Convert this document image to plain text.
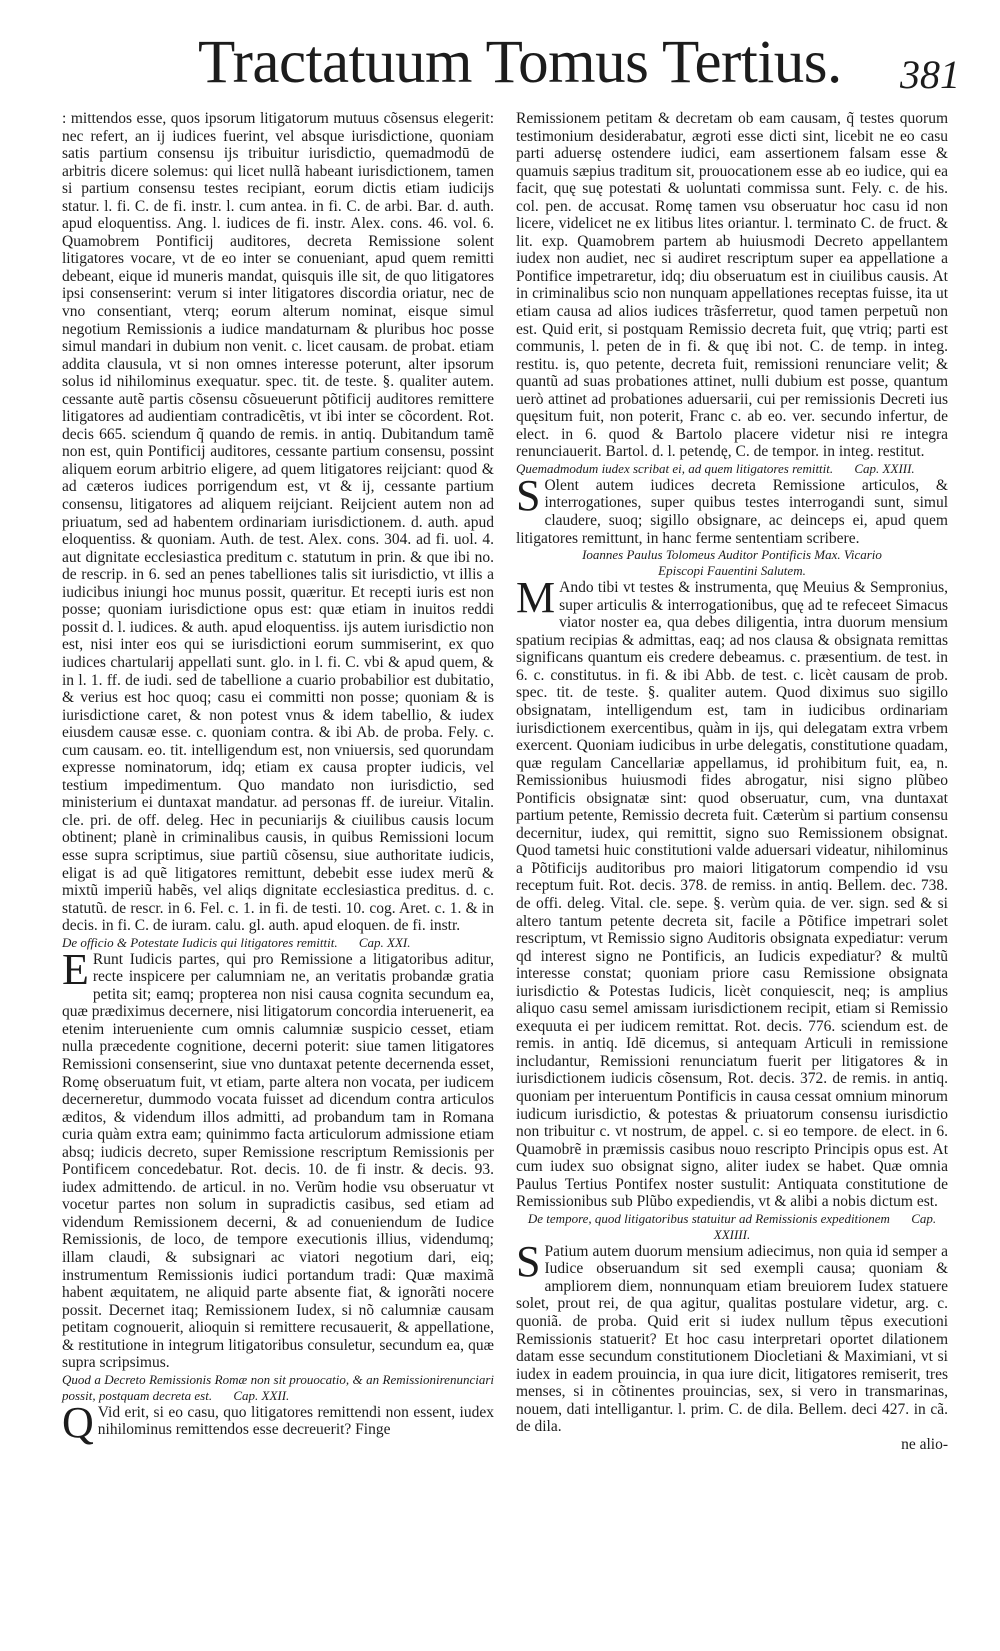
Tractatuum Tomus Tertius. 381

: mittendos esse, quos ipsorum litigatorum mutuus cõsensus elegerit: nec refert, an ij iudices fuerint, vel absque iurisdictione, quoniam satis partium consensu ijs tribuitur iurisdictio, quemadmodū de arbitris dicere solemus: qui licet nullã habeant iurisdictionem, tamen si partium consensu testes recipiant, eorum dictis etiam iudicijs statur. l. fi. C. de fi. instr. l. cum antea. in fi. C. de arbi. Bar. d. auth. apud eloquentiss. Ang. l. iudices de fi. instr. Alex. cons. 46. vol. 6. Quamobrem Pontificij auditores, decreta Remissione solent litigatores vocare, vt de eo inter se conueniant, apud quem remitti debeant, eique id muneris mandat, quisquis ille sit, de quo litigatores ipsi consenserint: verum si inter litigatores discordia oriatur, nec de vno consentiant, vterq; eorum alterum nominat, eisque simul negotium Remissionis a iudice mandaturnam & pluribus hoc posse simul mandari in dubium non venit. c. licet causam. de probat. etiam addita clausula, vt si non omnes interesse poterunt, alter ipsorum solus id nihilominus exequatur. spec. tit. de teste. §. qualiter autem. cessante autẽ partis cõsensu cõsueuerunt põtificij auditores remittere litigatores ad audientiam contradicẽtis, vt ibi inter se cõcordent. Rot. decis 665. sciendum q̃ quando de remis. in antiq. Dubitandum tamẽ non est, quin Pontificij auditores, cessante partium consensu, possint aliquem eorum arbitrio eligere, ad quem litigatores reijciant: quod & ad cæteros iudices porrigendum est, vt & ij, cessante partium consensu, litigatores ad aliquem reijciant. Reijcient autem non ad priuatum, sed ad habentem ordinariam iurisdictionem. d. auth. apud eloquentiss. & quoniam. Auth. de test. Alex. cons. 304. ad fi. uol. 4. aut dignitate ecclesiastica preditum c. statutum in prin. & que ibi no. de rescrip. in 6. sed an penes tabelliones talis sit iurisdictio, vt illis a iudicibus iniungi hoc munus possit, quæritur. Et recepti iuris est non posse; quoniam iurisdictione opus est: quæ etiam in inuitos reddi possit d. l. iudices. & auth. apud eloquentiss. ijs autem iurisdictio non est, nisi inter eos qui se iurisdictioni eorum summiserint, ex quo iudices chartularij appellati sunt. glo. in l. fi. C. vbi & apud quem, & in l. 1. ff. de iudi. sed de tabellione a cuario probabilior est dubitatio, & verius est hoc quoq; casu ei committi non posse; quoniam & is iurisdictione caret, & non potest vnus & idem tabellio, & iudex eiusdem causæ esse. c. quoniam contra. & ibi Ab. de proba. Fely. c. cum causam. eo. tit. intelligendum est, non vniuersis, sed quorundam expresse nominatorum, idq; etiam ex causa propter iudicis, vel testium impedimentum. Quo mandato non iurisdictio, sed ministerium ei duntaxat mandatur. ad personas ff. de iureiur. Vitalin. cle. pri. de off. deleg. Hec in pecuniarijs & ciuilibus causis locum obtinent; planè in criminalibus causis, in quibus Remissioni locum esse supra scriptimus, siue partiũ cõsensu, siue authoritate iudicis, eligat is ad quẽ litigatores remittunt, debebit esse iudex merũ & mixtũ imperiũ habẽs, vel aliqs dignitate ecclesiastica preditus. d. c. statutũ. de rescr. in 6. Fel. c. 1. in fi. de testi. 10. cog. Aret. c. 1. & in decis. in fi. C. de iuram. calu. gl. auth. apud eloquen. de fi. instr.

De officio & Potestate Iudicis qui litigatores remittit. Cap. XXI.

E Runt Iudicis partes, qui pro Remissione a litigatoribus aditur, recte inspicere per calumniam ne, an veritatis probandæ gratia petita sit; eamq; propterea non nisi causa cognita secundum ea, quæ prædiximus decernere, nisi litigatorum concordia interuenerit, ea etenim interueniente cum omnis calumniæ suspicio cesset, etiam nulla præcedente cognitione, decerni poterit: siue tamen litigatores Remissioni consenserint, siue vno duntaxat petente decernenda esset, Romę obseruatum fuit, vt etiam, parte altera non vocata, per iudicem decerneretur, dummodo vocata fuisset ad dicendum contra articulos æditos, & videndum illos admitti, ad probandum tam in Romana curia quàm extra eam; quinimmo facta articulorum admissione etiam absq; iudicis decreto, super Remissione rescriptum Remissionis per Pontificem concedebatur. Rot. decis. 10. de fi instr. & decis. 93. iudex admittendo. de articul. in no. Verũm hodie vsu obseruatur vt vocetur partes non solum in supradictis casibus, sed etiam ad videndum Remissionem decerni, & ad conueniendum de Iudice Remissionis, de loco, de tempore executionis illius, videndumq; illam claudi, & subsignari ac viatori negotium dari, eiq; instrumentum Remissionis iudici portandum tradi: Quæ maximã habent æquitatem, ne aliquid parte absente fiat, & ignorãti nocere possit. Decernet itaq; Remissionem Iudex, si nõ calumniæ causam petitam cognouerit, alioquin si remittere recusauerit, & appellatione, & restitutione in integrum litigatoribus consuletur, secundum ea, quæ supra scripsimus.

Quod a Decreto Remissionis Romæ non sit prouocatio, & an Remissionirenunciari possit, postquam decreta est. Cap. XXII.

Q Vid erit, si eo casu, quo litigatores remittendi non essent, iudex nihilominus remittendos esse decreuerit? Finge

Remissionem petitam & decretam ob eam causam, q̃ testes quorum testimonium desiderabatur, ægroti esse dicti sint, licebit ne eo casu parti aduersę ostendere iudici, eam assertionem falsam esse & quamuis sæpius traditum sit, prouocationem esse ab eo iudice, qui ea facit, quę suę potestati & uoluntati commissa sunt. Fely. c. de his. col. pen. de accusat. Romę tamen vsu obseruatur hoc casu id non licere, videlicet ne ex litibus lites oriantur. l. terminato C. de fruct. & lit. exp. Quamobrem partem ab huiusmodi Decreto appellantem iudex non audiet, nec si audiret rescriptum super ea appellatione a Pontifice impetraretur, idq; diu obseruatum est in ciuilibus causis. At in criminalibus scio non nunquam appellationes receptas fuisse, ita ut etiam causa ad alios iudices trãsferretur, quod tamen perpetuũ non est. Quid erit, si postquam Remissio decreta fuit, quę vtriq; parti est communis, l. peten de in fi. & quę ibi not. C. de temp. in integ. restitu. is, quo petente, decreta fuit, remissioni renunciare velit; & quantũ ad suas probationes attinet, nulli dubium est posse, quantum uerò attinet ad probationes aduersarii, cui per remissionis Decreti ius quęsitum fuit, non poterit, Franc c. ab eo. ver. secundo infertur, de elect. in 6. quod & Bartolo placere videtur nisi re integra renunciauerit. Bartol. d. l. petendę, C. de tempor. in integ. restitut.

Quemadmodum iudex scribat ei, ad quem litigatores remittit. Cap. XXIII.

S Olent autem iudices decreta Remissione articulos, & interrogationes, super quibus testes interrogandi sunt, simul claudere, suoq; sigillo obsignare, ac deinceps ei, apud quem litigatores remittunt, in hanc ferme sententiam scribere.

Ioannes Paulus Tolomeus Auditor Pontificis Max. Vicario

Episcopi Fauentini Salutem.

M Ando tibi vt testes & instrumenta, quę Meuius & Sempronius, super articulis & interrogationibus, quę ad te refeceet Simacus viator noster ea, qua debes diligentia, intra duorum mensium spatium recipias & admittas, eaq; ad nos clausa & obsignata remittas significans quantum eis credere debeamus. c. præsentium. de test. in 6. c. constitutus. in fi. & ibi Abb. de test. c. licèt causam de prob. spec. tit. de teste. §. qualiter autem. Quod diximus suo sigillo obsignatam, intelligendum est, tam in iudicibus ordinariam iurisdictionem exercentibus, quàm in ijs, qui delegatam extra vrbem exercent. Quoniam iudicibus in urbe delegatis, constitutione quadam, quæ regulam Cancellariæ appellamus, id prohibitum fuit, ea, n. Remissionibus huiusmodi fides abrogatur, nisi signo plũbeo Pontificis obsignatæ sint: quod obseruatur, cum, vna duntaxat partium petente, Remissio decreta fuit. Cæterùm si partium consensu decernitur, iudex, qui remittit, signo suo Remissionem obsignat. Quod tametsi huic constitutioni valde aduersari videatur, nihilominus a Põtificijs auditoribus pro maiori litigatorum compendio id vsu receptum fuit. Rot. decis. 378. de remiss. in antiq. Bellem. dec. 738. de offi. deleg. Vital. cle. sepe. §. verùm quia. de ver. sign. sed & si altero tantum petente decreta sit, facile a Põtifice impetrari solet rescriptum, vt Remissio signo Auditoris obsignata expediatur: verum qd interest signo ne Pontificis, an Iudicis expediatur? & multũ interesse constat; quoniam priore casu Remissione obsignata iurisdictio & Potestas Iudicis, licèt conquiescit, neq; is amplius aliquo casu semel amissam iurisdictionem recipit, etiam si Remissio exequuta ei per iudicem remittat. Rot. decis. 776. sciendum est. de remis. in antiq. Idē dicemus, si antequam Articuli in remissione includantur, Remissioni renunciatum fuerit per litigatores & in iurisdictionem iudicis cõsensum, Rot. decis. 372. de remis. in antiq. quoniam per interuentum Pontificis in causa cessat omnium minorum iudicum iurisdictio, & potestas & priuatorum consensu iurisdictio non tribuitur c. vt nostrum, de appel. c. si eo tempore. de elect. in 6. Quamobrẽ in præmissis casibus nouo rescripto Principis opus est. At cum iudex suo obsignat signo, aliter iudex se habet. Quæ omnia Paulus Tertius Pontifex noster sustulit: Antiquata constitutione de Remissionibus sub Plũbo expediendis, vt & alibi a nobis dictum est.

De tempore, quod litigatoribus statuitur ad Remissionis expeditionem Cap. XXIIII.

S Patium autem duorum mensium adiecimus, non quia id semper a Iudice obseruandum sit sed exempli causa; quoniam & ampliorem diem, nonnunquam etiam breuiorem Iudex statuere solet, prout rei, de qua agitur, qualitas postulare videtur, arg. c. quoniã. de proba. Quid erit si iudex nullum tẽpus executioni Remissionis statuerit? Et hoc casu interpretari oportet dilationem datam esse secundum constitutionem Diocletiani & Maximiani, vt si iudex in eadem prouincia, in qua iure dicit, litigatores remiserit, tres menses, si in cõtinentes prouincias, sex, si vero in transmarinas, nouem, dati intelligantur. l. prim. C. de dila. Bellem. deci 427. in cã. de dila.

ne alio-
